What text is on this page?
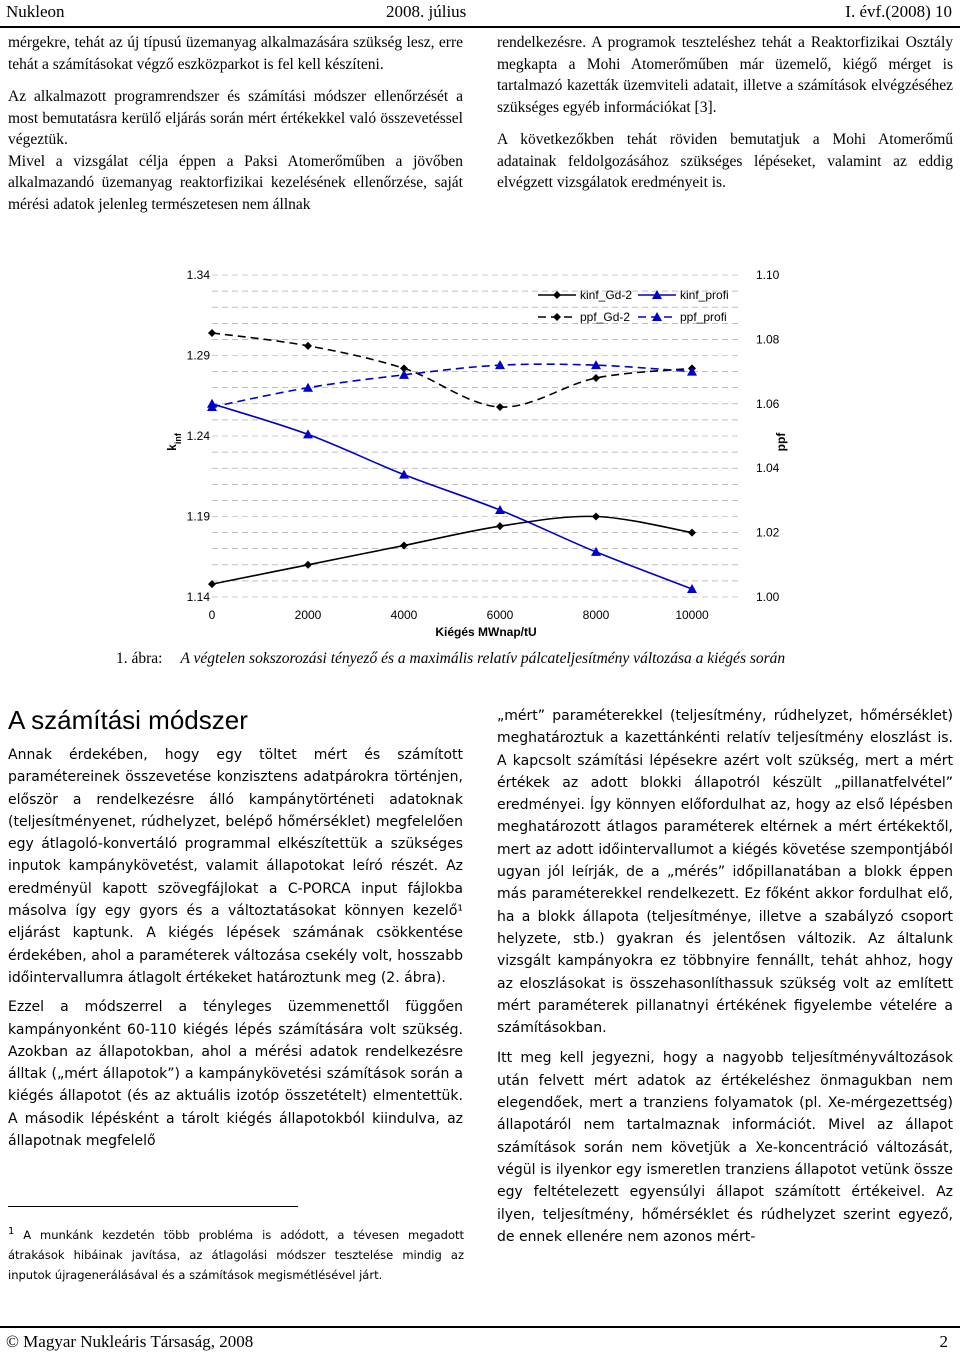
Nukleon	2008. július	I. évf.(2008) 10

mérgekre, tehát az új típusú üzemanyag alkalmazására szükség lesz, erre tehát a számításokat végző eszközparkot is fel kell készíteni.

Az alkalmazott programrendszer és számítási módszer ellenőrzését a most bemutatásra kerülő eljárás során mért értékekkel való összevetéssel végeztük.

Mivel a vizsgálat célja éppen a Paksi Atomerőműben a jövőben alkalmazandó üzemanyag reaktorfizikai kezelésének ellenőrzése, saját mérési adatok jelenleg természetesen nem állnak

rendelkezésre. A programok teszteléshez tehát a Reaktorfizikai Osztály megkapta a Mohi Atomerőműben már üzemelő, kiégő mérget is tartalmazó kazetták üzemviteli adatait, illetve a számítások elvégzéséhez szükséges egyéb információkat [3].

A következőkben tehát röviden bemutatjuk a Mohi Atomerőmű adatainak feldolgozásához szükséges lépéseket, valamint az eddig elvégzett vizsgálatok eredményeit is.

1.14
1.19
1.24
1.29
1.34
1.00
1.02
1.04
1.06
1.08
1.10
0	2000	4000	6000	8000	10000
Kiégés MWnap/tU
$k_{inf}$	ppf
kinf_Gd-2	kinf_profi
ppf_Gd-2	ppf_profi
1. ábra: A végtelen sokszorozási tényező és a maximális relatív pálcateljesítmény változása a kiégés során
A számítási módszer

Annak érdekében, hogy egy töltet mért és számított paramétereinek összevetése konzisztens adatpárokra történjen, először a rendelkezésre álló kampánytörténeti adatoknak (teljesítményenet, rúdhelyzet, belépő hőmérséklet) megfelelően egy átlagoló-konvertáló programmal elkészítettük a szükséges inputok kampánykövetést, valamit állapotokat leíró részét. Az eredményül kapott szövegfájlokat a C-PORCA input fájlokba másolva így egy gyors és a változtatásokat könnyen kezelő¹ eljárást kaptunk. A kiégés lépések számának csökkentése érdekében, ahol a paraméterek változása csekély volt, hosszabb időintervallumra átlagolt értékeket határoztunk meg (2. ábra).

Ezzel a módszerrel a tényleges üzemmenettől függően kampányonként 60-110 kiégés lépés számítására volt szükség. Azokban az állapotokban, ahol a mérési adatok rendelkezésre álltak („mért állapotok”) a kampánykövetési számítások során a kiégés állapotot (és az aktuális izotóp összetételt) elmentettük. A második lépésként a tárolt kiégés állapotokból kiindulva, az állapotnak megfelelő

„mért” paraméterekkel (teljesítmény, rúdhelyzet, hőmérséklet) meghatároztuk a kazettánkénti relatív teljesítmény eloszlást is. A kapcsolt számítási lépésekre azért volt szükség, mert a mért értékek az adott blokki állapotról készült „pillanatfelvétel” eredményei. Így könnyen előfordulhat az, hogy az első lépésben meghatározott átlagos paraméterek eltérnek a mért értékektől, mert az adott időintervallumot a kiégés követése szempontjából ugyan jól leírják, de a „mérés” időpillanatában a blokk éppen más paraméterekkel rendelkezett. Ez főként akkor fordulhat elő, ha a blokk állapota (teljesítménye, illetve a szabályzó csoport helyzete, stb.) gyakran és jelentősen változik. Az általunk vizsgált kampányokra ez többnyire fennállt, tehát ahhoz, hogy az eloszlásokat is összehasonlíthassuk szükség volt az említett mért paraméterek pillanatnyi értékének figyelembe vételére a számításokban.

Itt meg kell jegyezni, hogy a nagyobb teljesítményváltozások után felvett mért adatok az értékeléshez önmagukban nem elegendőek, mert a tranziens folyamatok (pl. Xe-mérgezettség) állapotáról nem tartalmaznak információt. Mivel az állapot számítások során nem követjük a Xe-koncentráció változását, végül is ilyenkor egy ismeretlen tranziens állapotot vetünk össze egy feltételezett egyensúlyi állapot számított értékeivel. Az ilyen, teljesítmény, hőmérséklet és rúdhelyzet szerint egyező, de ennek ellenére nem azonos mért-

$^1$ A munkánk kezdetén több probléma is adódott, a tévesen megadott átrakások hibáinak javítása, az átlagolási módszer tesztelése mindig az inputok újragenerálásával és a számítások megismétlésével járt.
© Magyar Nukleáris Társaság, 2008	2
